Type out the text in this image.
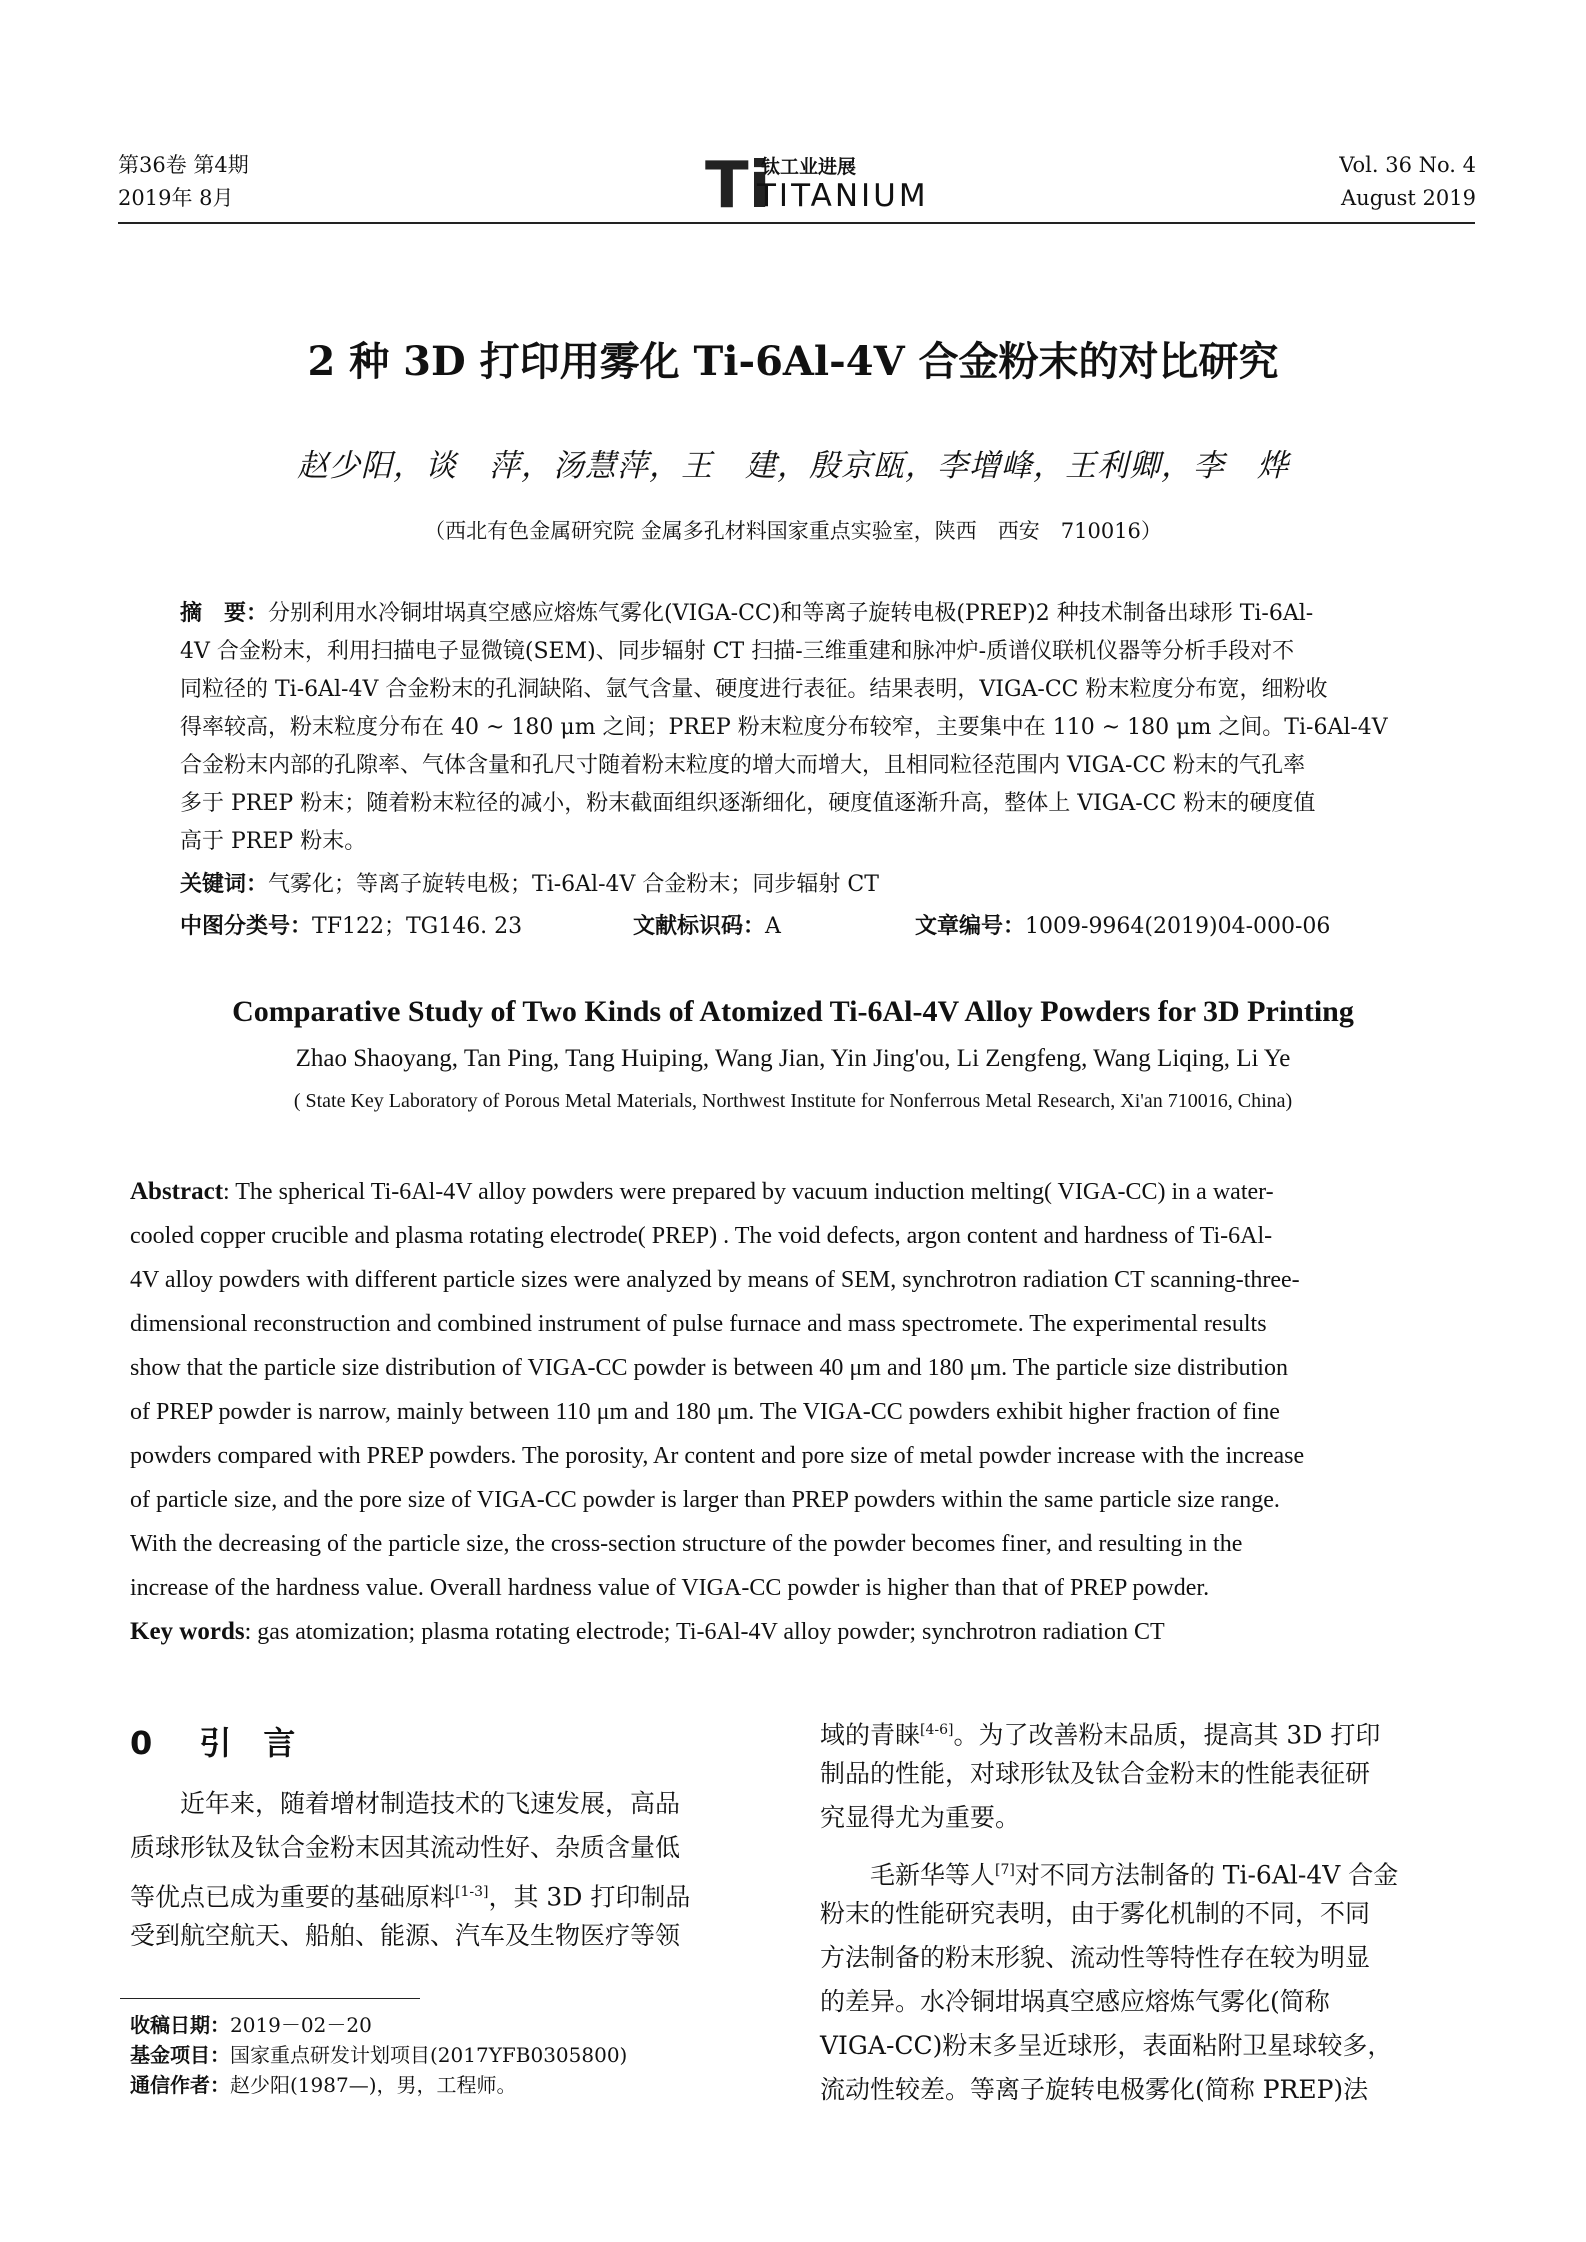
第36卷 第4期
2019年 8月	Ti
钛工业进展
TITANIUM
Vol. 36 No. 4
August 2019
2 种 3D 打印用雾化 Ti-6Al-4V 合金粉末的对比研究
赵少阳，谈　萍，汤慧萍，王　建，殷京瓯，李增峰，王利卿，李　烨
（西北有色金属研究院 金属多孔材料国家重点实验室，陕西　西安　710016）
摘　要：分别利用水冷铜坩埚真空感应熔炼气雾化(VIGA-CC)和等离子旋转电极(PREP)2 种技术制备出球形 Ti-6Al-
4V 合金粉末，利用扫描电子显微镜(SEM)、同步辐射 CT 扫描-三维重建和脉冲炉-质谱仪联机仪器等分析手段对不
同粒径的 Ti-6Al-4V 合金粉末的孔洞缺陷、氩气含量、硬度进行表征。结果表明，VIGA-CC 粉末粒度分布宽，细粉收
得率较高，粉末粒度分布在 40 ~ 180 μm 之间；PREP 粉末粒度分布较窄，主要集中在 110 ~ 180 μm 之间。Ti-6Al-4V
合金粉末内部的孔隙率、气体含量和孔尺寸随着粉末粒度的增大而增大，且相同粒径范围内 VIGA-CC 粉末的气孔率
多于 PREP 粉末；随着粉末粒径的减小，粉末截面组织逐渐细化，硬度值逐渐升高，整体上 VIGA-CC 粉末的硬度值
高于 PREP 粉末。
关键词：气雾化；等离子旋转电极；Ti-6Al-4V 合金粉末；同步辐射 CT
中图分类号：TF122；TG146. 23	文献标识码：A	文章编号：1009-9964(2019)04-000-06
Comparative Study of Two Kinds of Atomized Ti-6Al-4V Alloy Powders for 3D Printing
Zhao Shaoyang, Tan Ping, Tang Huiping, Wang Jian, Yin Jing'ou, Li Zengfeng, Wang Liqing, Li Ye
( State Key Laboratory of Porous Metal Materials, Northwest Institute for Nonferrous Metal Research, Xi'an 710016, China)
Abstract: The spherical Ti-6Al-4V alloy powders were prepared by vacuum induction melting( VIGA-CC) in a water-
cooled copper crucible and plasma rotating electrode( PREP) . The void defects, argon content and hardness of Ti-6Al-
4V alloy powders with different particle sizes were analyzed by means of SEM, synchrotron radiation CT scanning-three-
dimensional reconstruction and combined instrument of pulse furnace and mass spectromete. The experimental results
show that the particle size distribution of VIGA-CC powder is between 40 μm and 180 μm. The particle size distribution
of PREP powder is narrow, mainly between 110 μm and 180 μm. The VIGA-CC powders exhibit higher fraction of fine
powders compared with PREP powders. The porosity, Ar content and pore size of metal powder increase with the increase
of particle size, and the pore size of VIGA-CC powder is larger than PREP powders within the same particle size range.
With the decreasing of the particle size, the cross-section structure of the powder becomes finer, and resulting in the
increase of the hardness value. Overall hardness value of VIGA-CC powder is higher than that of PREP powder.
Key words: gas atomization; plasma rotating electrode; Ti-6Al-4V alloy powder; synchrotron radiation CT
0 引　言
近年来，随着增材制造技术的飞速发展，高品
质球形钛及钛合金粉末因其流动性好、杂质含量低
等优点已成为重要的基础原料[1-3]，其 3D 打印制品
受到航空航天、船舶、能源、汽车及生物医疗等领
收稿日期：2019－02－20
基金项目：国家重点研发计划项目(2017YFB0305800)
通信作者：赵少阳(1987—)，男，工程师。
域的青睐[4-6]。为了改善粉末品质，提高其 3D 打印
制品的性能，对球形钛及钛合金粉末的性能表征研
究显得尤为重要。
毛新华等人[7]对不同方法制备的 Ti-6Al-4V 合金
粉末的性能研究表明，由于雾化机制的不同，不同
方法制备的粉末形貌、流动性等特性存在较为明显
的差异。水冷铜坩埚真空感应熔炼气雾化(简称
VIGA-CC)粉末多呈近球形，表面粘附卫星球较多，
流动性较差。等离子旋转电极雾化(简称 PREP)法
